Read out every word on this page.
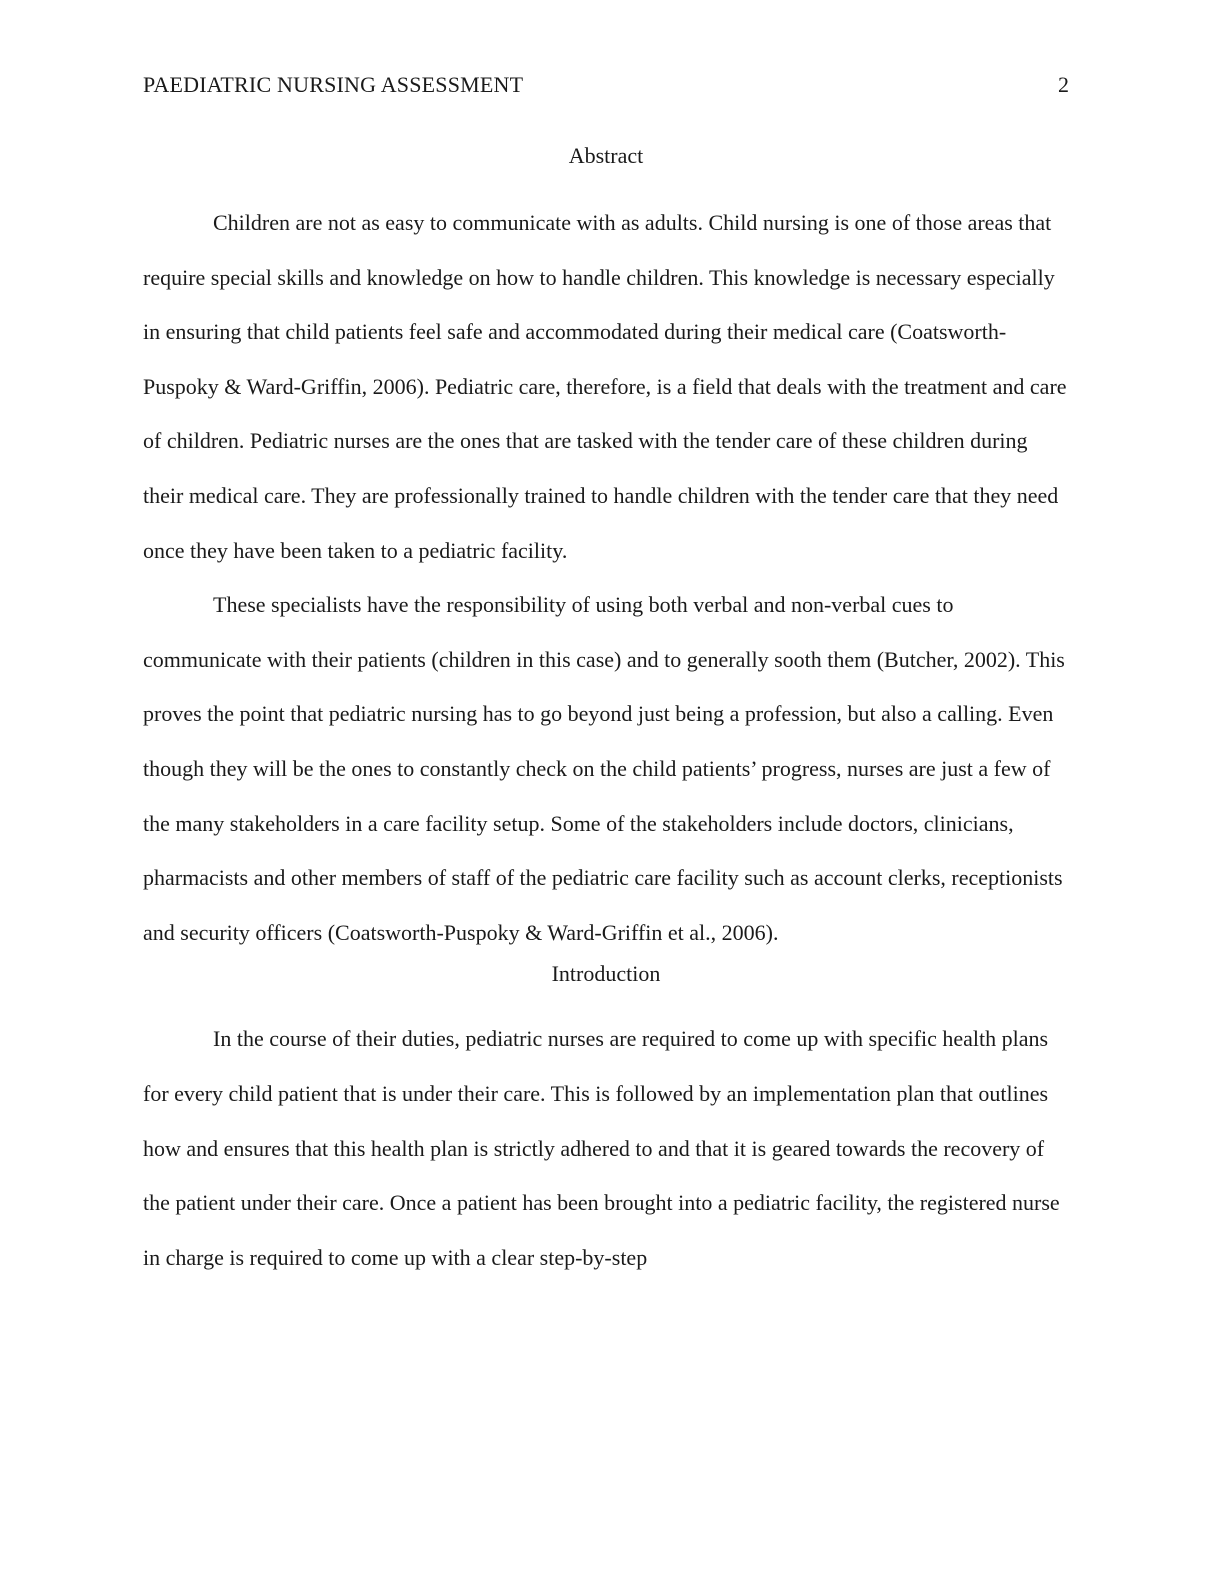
PAEDIATRIC NURSING ASSESSMENT	2
Abstract

Children are not as easy to communicate with as adults. Child nursing is one of those areas that require special skills and knowledge on how to handle children. This knowledge is necessary especially in ensuring that child patients feel safe and accommodated during their medical care (Coatsworth-Puspoky & Ward-Griffin, 2006). Pediatric care, therefore, is a field that deals with the treatment and care of children. Pediatric nurses are the ones that are tasked with the tender care of these children during their medical care. They are professionally trained to handle children with the tender care that they need once they have been taken to a pediatric facility.

These specialists have the responsibility of using both verbal and non-verbal cues to communicate with their patients (children in this case) and to generally sooth them (Butcher, 2002). This proves the point that pediatric nursing has to go beyond just being a profession, but also a calling. Even though they will be the ones to constantly check on the child patients’ progress, nurses are just a few of the many stakeholders in a care facility setup. Some of the stakeholders include doctors, clinicians, pharmacists and other members of staff of the pediatric care facility such as account clerks, receptionists and security officers (Coatsworth-Puspoky & Ward-Griffin et al., 2006).

Introduction

In the course of their duties, pediatric nurses are required to come up with specific health plans for every child patient that is under their care. This is followed by an implementation plan that outlines how and ensures that this health plan is strictly adhered to and that it is geared towards the recovery of the patient under their care. Once a patient has been brought into a pediatric facility, the registered nurse in charge is required to come up with a clear step-by-step
